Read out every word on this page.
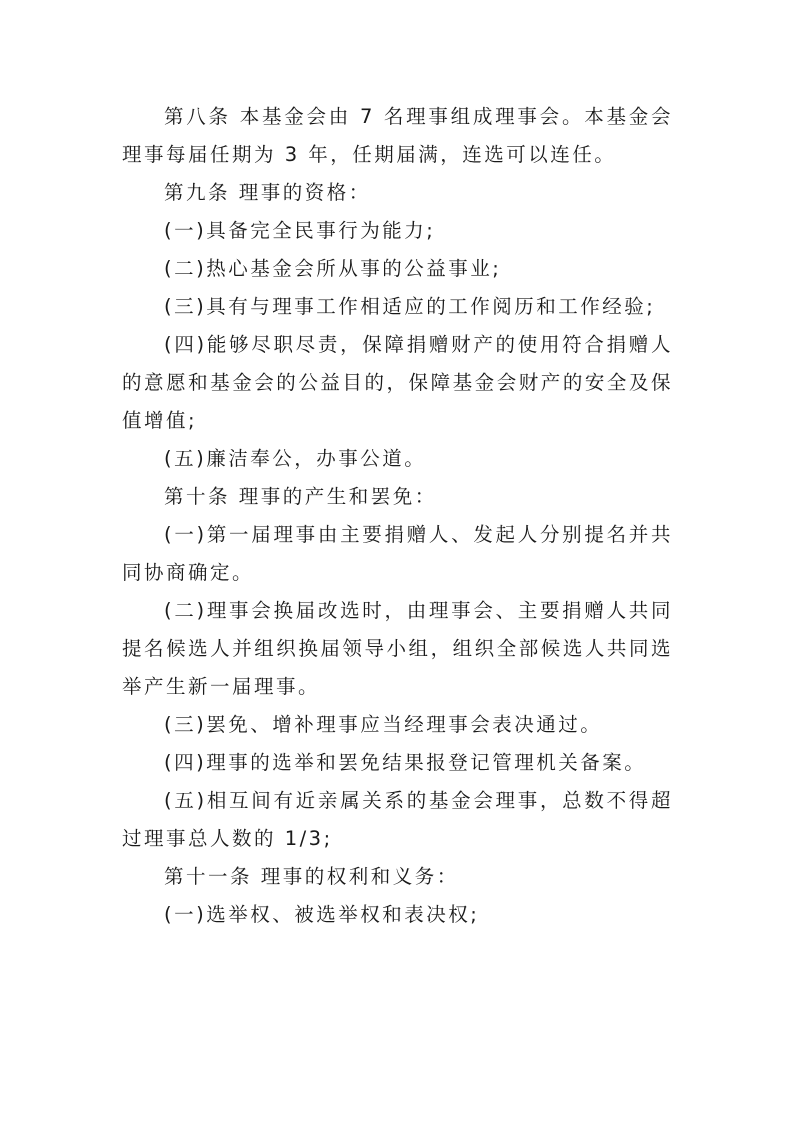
第八条 本基金会由 7 名理事组成理事会。本基金会理事每届任期为 3 年，任期届满，连选可以连任。

第九条 理事的资格：

(一)具备完全民事行为能力;

(二)热心基金会所从事的公益事业;

(三)具有与理事工作相适应的工作阅历和工作经验;

(四)能够尽职尽责，保障捐赠财产的使用符合捐赠人的意愿和基金会的公益目的，保障基金会财产的安全及保值增值;

(五)廉洁奉公，办事公道。

第十条 理事的产生和罢免：

(一)第一届理事由主要捐赠人、发起人分别提名并共同协商确定。

(二)理事会换届改选时，由理事会、主要捐赠人共同提名候选人并组织换届领导小组，组织全部候选人共同选举产生新一届理事。

(三)罢免、增补理事应当经理事会表决通过。

(四)理事的选举和罢免结果报登记管理机关备案。

(五)相互间有近亲属关系的基金会理事，总数不得超过理事总人数的 1/3;

第十一条 理事的权利和义务：

(一)选举权、被选举权和表决权;
